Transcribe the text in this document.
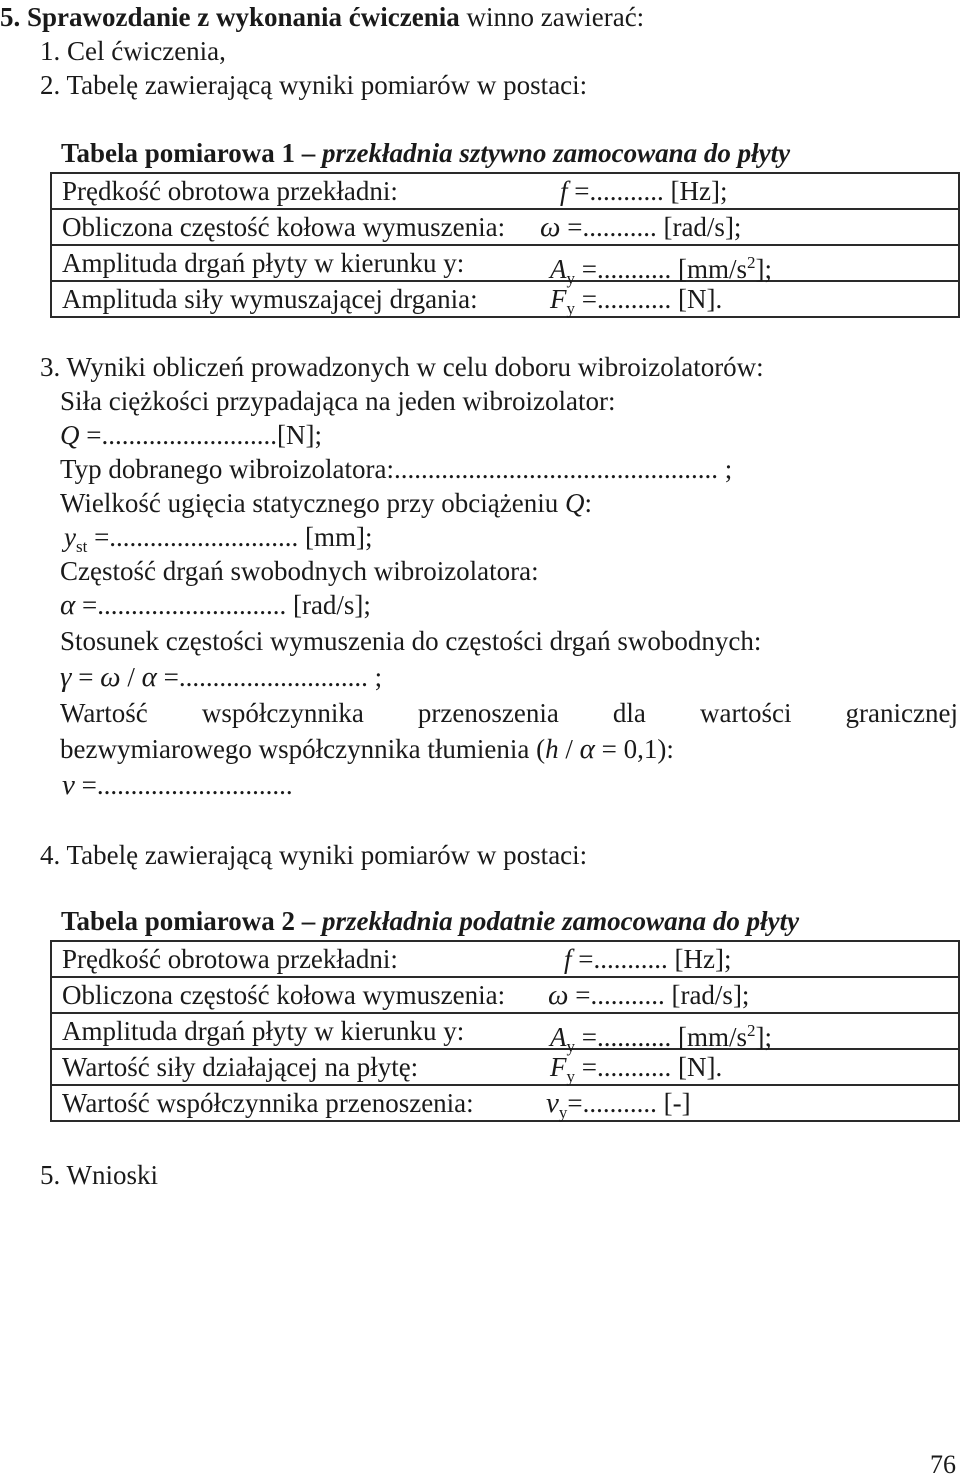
5. Sprawozdanie z wykonania ćwiczenia winno zawierać:
1. Cel ćwiczenia,
2. Tabelę zawierającą wyniki pomiarów w postaci:
Tabela pomiarowa 1 – przekładnia sztywno zamocowana do płyty

Prędkość obrotowa przekładni:	f =........... [Hz];

Obliczona częstość kołowa wymuszenia: ω =........... [rad/s];

Amplituda drgań płyty w kierunku y:	$A_y$ =........... $[mm/s^2]$;

Amplituda siły wymuszającej drgania:	$F_y$ =........... [N].
3. Wyniki obliczeń prowadzonych w celu doboru wibroizolatorów:
Siła ciężkości przypadająca na jeden wibroizolator:
Q =..........................[N];
Typ dobranego wibroizolatora:................................................ ;
Wielkość ugięcia statycznego przy obciążeniu Q:
$y_{st}$ =............................ [mm];
Częstość drgań swobodnych wibroizolatora:
α =............................ [rad/s];
Stosunek częstości wymuszenia do częstości drgań swobodnych:
γ = ω / α =............................ ;
Wartość współczynnika przenoszenia dla wartości granicznej
bezwymiarowego współczynnika tłumienia (h / α = 0,1):
ν =.............................
4. Tabelę zawierającą wyniki pomiarów w postaci:
Tabela pomiarowa 2 – przekładnia podatnie zamocowana do płyty

Prędkość obrotowa przekładni:	f =........... [Hz];

Obliczona częstość kołowa wymuszenia: ω =........... [rad/s];

Amplituda drgań płyty w kierunku y:	$A_y$ =........... $[mm/s^2]$;

Wartość siły działającej na płytę:	$F_y$ =........... [N].

Wartość współczynnika przenoszenia: $\nu_y=$........... [-]
5. Wnioski
76
